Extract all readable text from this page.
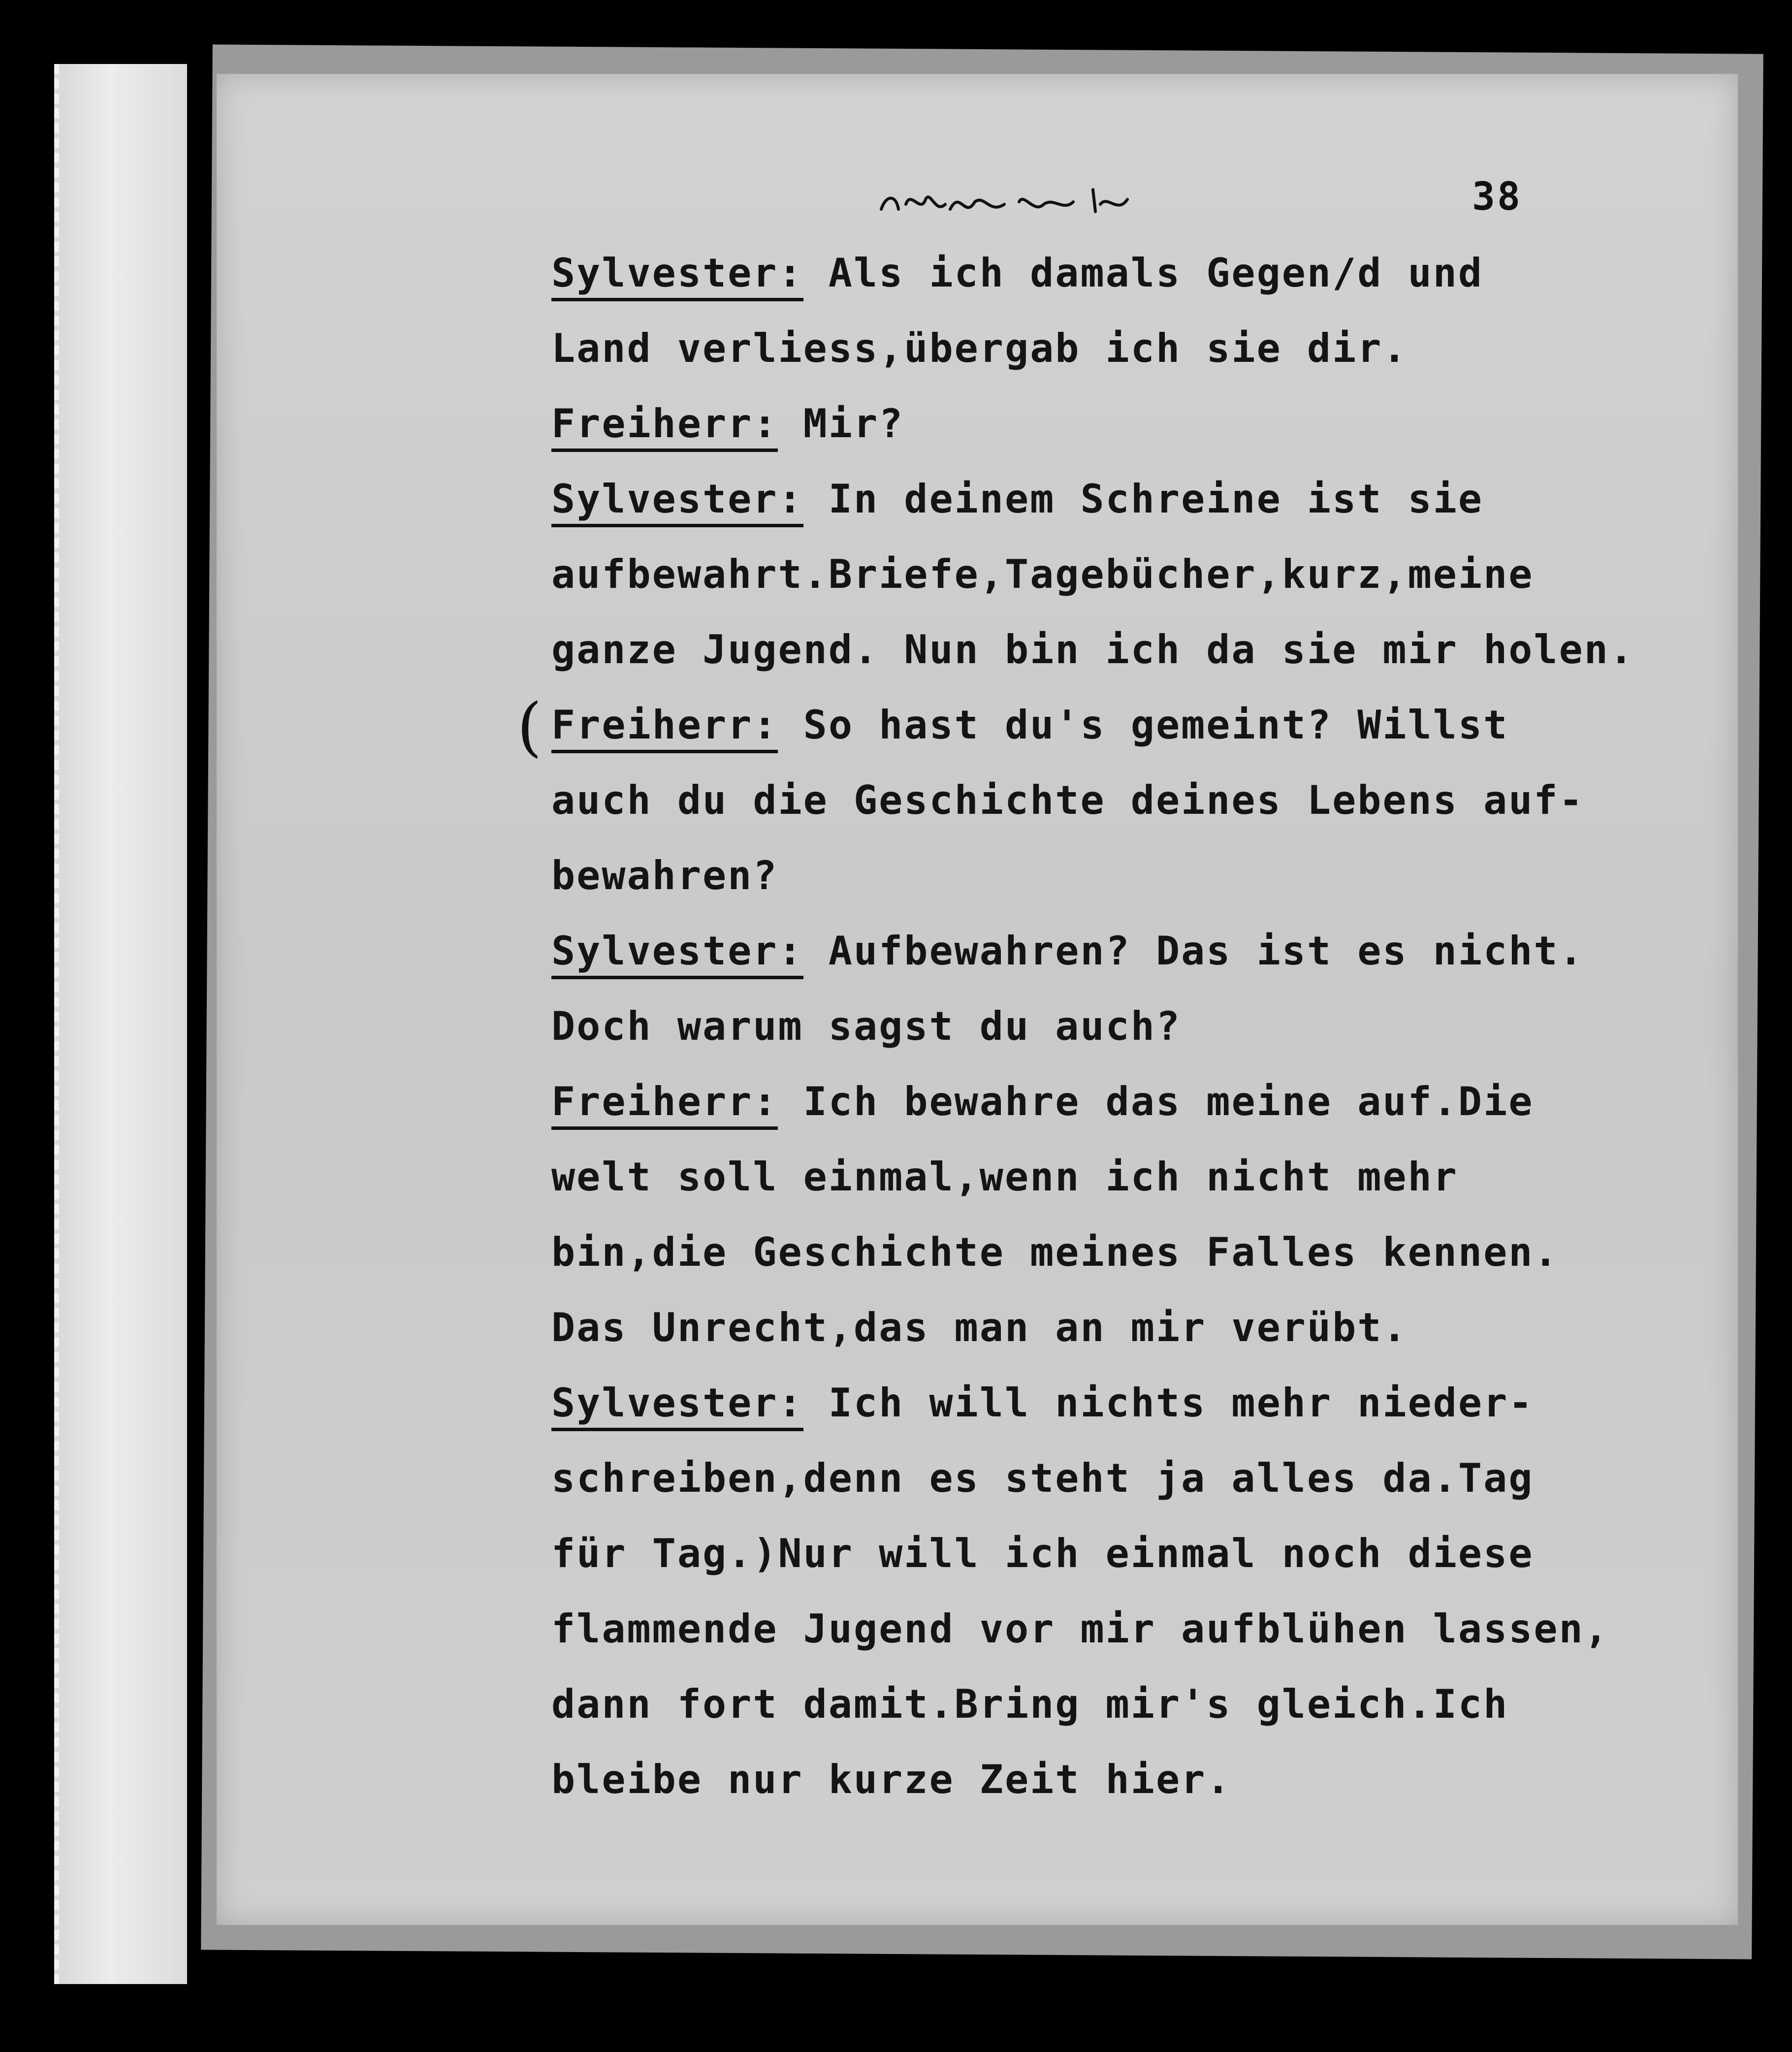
38
(
Sylvester: Als ich damals Gegen/d und
Land verliess,übergab ich sie dir.
Freiherr: Mir?
Sylvester: In deinem Schreine ist sie
aufbewahrt.Briefe,Tagebücher,kurz,meine
ganze Jugend. Nun bin ich da sie mir holen.
Freiherr: So hast du's gemeint? Willst
auch du die Geschichte deines Lebens auf-
bewahren?
Sylvester: Aufbewahren? Das ist es nicht.
Doch warum sagst du auch?
Freiherr: Ich bewahre das meine auf.Die
welt soll einmal,wenn ich nicht mehr
bin,die Geschichte meines Falles kennen.
Das Unrecht,das man an mir verübt.
Sylvester: Ich will nichts mehr nieder-
schreiben,denn es steht ja alles da.Tag
für Tag.)Nur will ich einmal noch diese
flammende Jugend vor mir aufblühen lassen,
dann fort damit.Bring mir's gleich.Ich
bleibe nur kurze Zeit hier.
